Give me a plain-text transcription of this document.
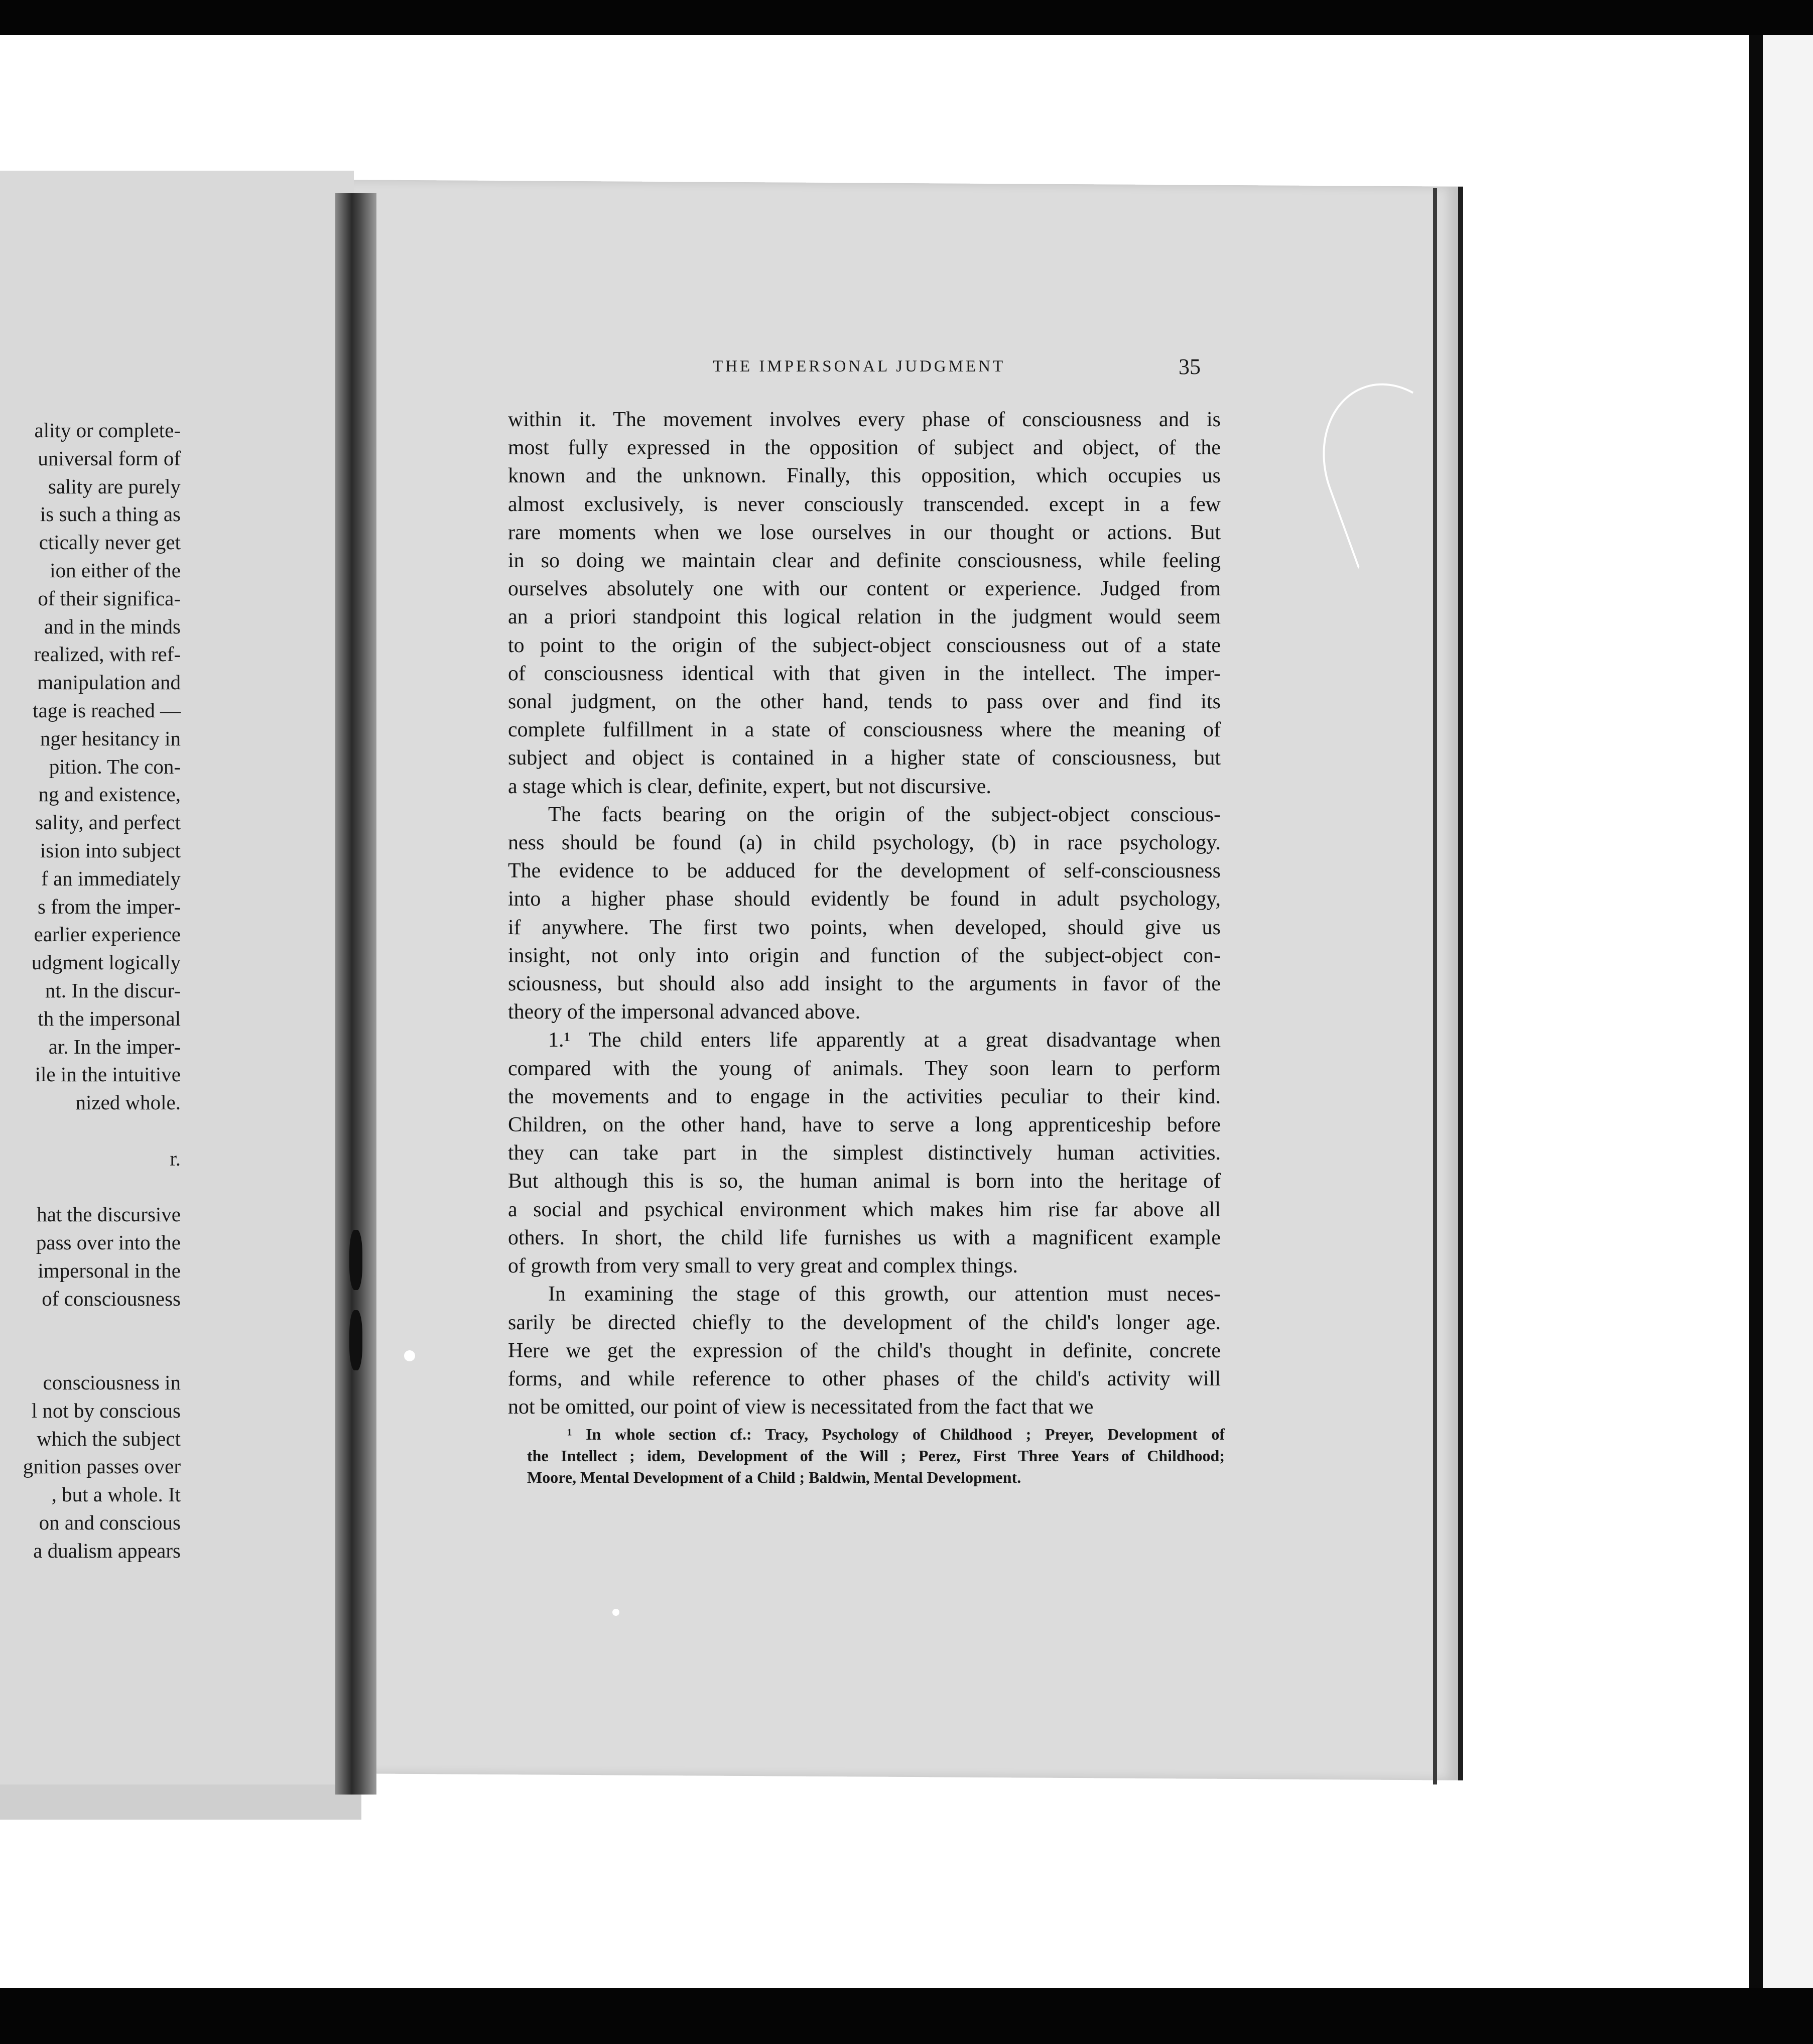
ality or complete-
universal form of
sality are purely
is such a thing as
ctically never get
ion either of the
of their significa-
and in the minds
realized, with ref-
manipulation and
tage is reached —
nger hesitancy in
pition. The con-
ng and existence,
sality, and perfect
ision into subject
f an immediately
s from the imper-
earlier experience
udgment logically
nt. In the discur-
th the impersonal
ar. In the imper-
ile in the intuitive
nized whole.
r.
hat the discursive
pass over into the
impersonal in the
of consciousness
consciousness in
l not by conscious
which the subject
gnition passes over
, but a whole. It
on and conscious
a dualism appears
THE IMPERSONAL JUDGMENT	35
within it. The movement involves every phase of consciousness and is
most fully expressed in the opposition of subject and object, of the
known and the unknown. Finally, this opposition, which occupies us
almost exclusively, is never consciously transcended. except in a few
rare moments when we lose ourselves in our thought or actions. But
in so doing we maintain clear and definite consciousness, while feeling
ourselves absolutely one with our content or experience. Judged from
an a priori standpoint this logical relation in the judgment would seem
to point to the origin of the subject-object consciousness out of a state
of consciousness identical with that given in the intellect. The imper-
sonal judgment, on the other hand, tends to pass over and find its
complete fulfillment in a state of consciousness where the meaning of
subject and object is contained in a higher state of consciousness, but
a stage which is clear, definite, expert, but not discursive.
The facts bearing on the origin of the subject-object conscious-
ness should be found (a) in child psychology, (b) in race psychology.
The evidence to be adduced for the development of self-consciousness
into a higher phase should evidently be found in adult psychology,
if anywhere. The first two points, when developed, should give us
insight, not only into origin and function of the subject-object con-
sciousness, but should also add insight to the arguments in favor of the
theory of the impersonal advanced above.
1.¹ The child enters life apparently at a great disadvantage when
compared with the young of animals. They soon learn to perform
the movements and to engage in the activities peculiar to their kind.
Children, on the other hand, have to serve a long apprenticeship before
they can take part in the simplest distinctively human activities.
But although this is so, the human animal is born into the heritage of
a social and psychical environment which makes him rise far above all
others. In short, the child life furnishes us with a magnificent example
of growth from very small to very great and complex things.
In examining the stage of this growth, our attention must neces-
sarily be directed chiefly to the development of the child's longer age.
Here we get the expression of the child's thought in definite, concrete
forms, and while reference to other phases of the child's activity will
not be omitted, our point of view is necessitated from the fact that we
¹ In whole section cf.: Tracy, Psychology of Childhood ; Preyer, Development of
the Intellect ; idem, Development of the Will ; Perez, First Three Years of Childhood;
Moore, Mental Development of a Child ; Baldwin, Mental Development.
